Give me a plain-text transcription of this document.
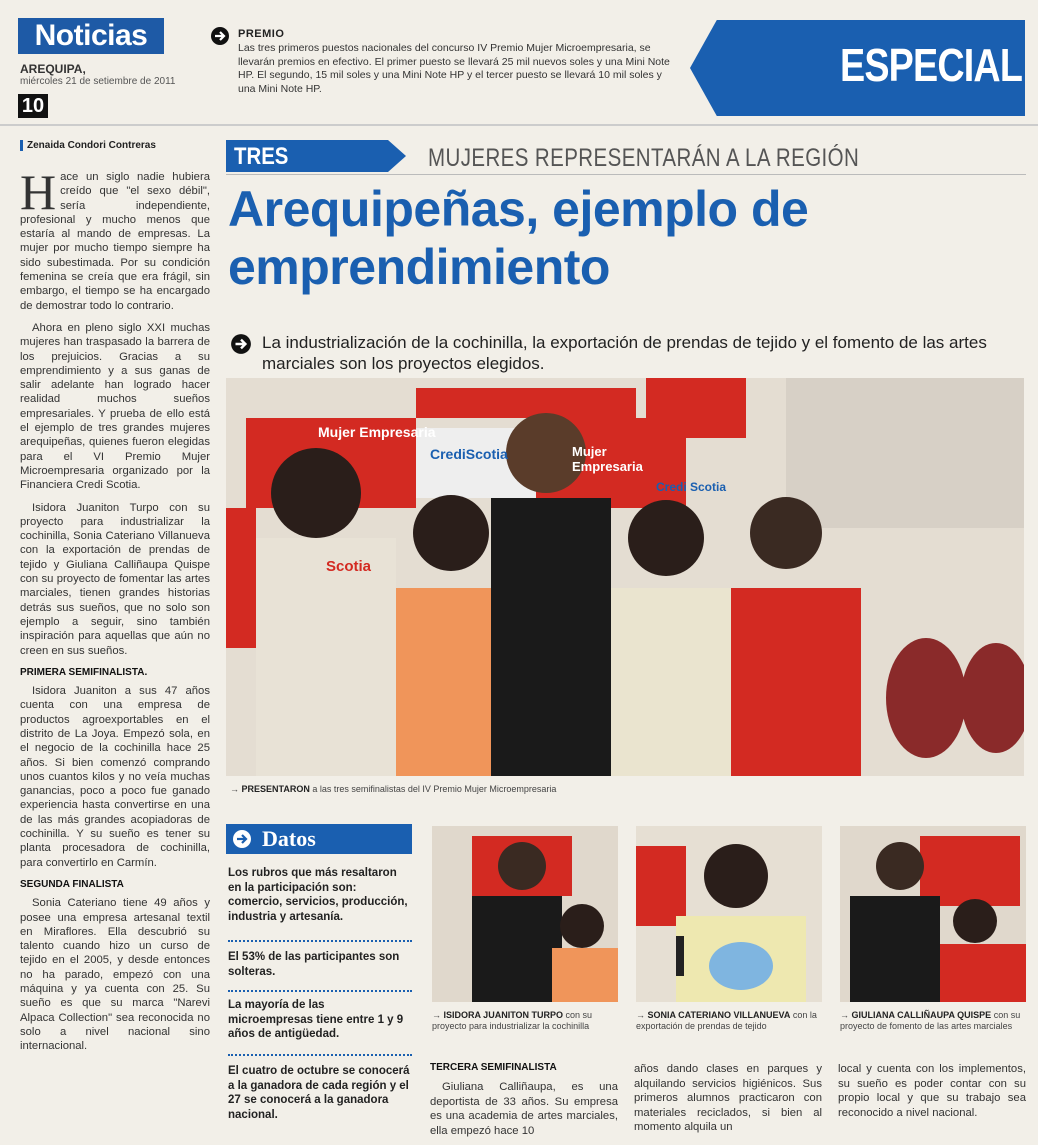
Noticias
AREQUIPA,
miércoles 21 de setiembre de 2011
10
PREMIO
Las tres primeros puestos nacionales del concurso IV Premio Mujer Microempresaria, se llevarán premios en efectivo. El primer puesto se llevará 25 mil nuevos soles y una Mini Note HP. El segundo, 15 mil soles y una Mini Note HP y el tercer puesto se llevará 10 mil soles y una Mini Note HP.	ESPECIAL
Zenaida Condori Contreras

Hace un siglo nadie hubiera creído que "el sexo débil", sería independiente, profesional y mucho menos que estaría al mando de empresas. La mujer por mucho tiempo siempre ha sido subestimada. Por su condición femenina se creía que era frágil, sin embargo, el tiempo se ha encargado de demostrar todo lo contrario.

Ahora en pleno siglo XXI muchas mujeres han traspasado la barrera de los prejuicios. Gracias a su emprendimiento y a sus ganas de salir adelante han logrado hacer realidad muchos sueños empresariales. Y prueba de ello está el ejemplo de tres grandes mujeres arequipeñas, quienes fueron elegidas para el VI Premio Mujer Microempresaria organizado por la Financiera Credi Scotia.

Isidora Juaniton Turpo con su proyecto para industrializar la cochinilla, Sonia Cateriano Villanueva con la exportación de prendas de tejido y Giuliana Calliñaupa Quispe con su proyecto de fomentar las artes marciales, tienen grandes historias detrás sus sueños, que no solo son ejemplo a seguir, sino también inspiración para aquellas que aún no creen en sus sueños.

PRIMERA SEMIFINALISTA.

Isidora Juaniton a sus 47 años cuenta con una empresa de productos agroexportables en el distrito de La Joya. Empezó sola, en el negocio de la cochinilla hace 25 años. Si bien comenzó comprando unos cuantos kilos y no veía muchas ganancias, poco a poco fue ganado experiencia hasta convertirse en una de las más grandes acopiadoras de cochinilla. Y su sueño es tener su planta procesadora de cochinilla, para convertirlo en Carmín.

SEGUNDA FINALISTA

Sonia Cateriano tiene 49 años y posee una empresa artesanal textil en Miraflores. Ella descubrió su talento cuando hizo un curso de tejido en el 2005, y desde entonces no ha parado, empezó con una máquina y ya cuenta con 25. Su sueño es que su marca "Narevi Alpaca Collection" sea reconocida no solo a nivel nacional sino internacional.

TRES	MUJERES REPRESENTARÁN A LA REGIÓN
Arequipeñas, ejemplo de emprendimiento
La industrialización de la cochinilla, la exportación de prendas de tejido y el fomento de las artes marciales son los proyectos elegidos.
Mujer Empresaria
CrediScotia
Scotia
Mujer Empresaria
Credi Scotia
→ PRESENTARON a las tres semifinalistas del IV Premio Mujer Microempresaria
Datos
Los rubros que más resaltaron en la participación son: comercio, servicios, producción, industria y artesanía.
El 53% de las participantes son solteras.
La mayoría de las microempresas tiene entre 1 y 9 años de antigüedad.
El cuatro de octubre se conocerá a la ganadora de cada región y el 27 se conocerá a la ganadora nacional.
→ ISIDORA JUANITON TURPO con su proyecto para industrializar la cochinilla
→ SONIA CATERIANO VILLANUEVA con la exportación de prendas de tejido
→ GIULIANA CALLIÑAUPA QUISPE con su proyecto de fomento de las artes marciales
TERCERA SEMIFINALISTA
Giuliana Calliñaupa, es una deportista de 33 años. Su empresa es una academia de artes marciales, ella empezó hace 10
años dando clases en parques y alquilando servicios higiénicos. Sus primeros alumnos practicaron con materiales reciclados, si bien al momento alquila un
local y cuenta con los implementos, su sueño es poder contar con su propio local y que su trabajo sea reconocido a nivel nacional.
